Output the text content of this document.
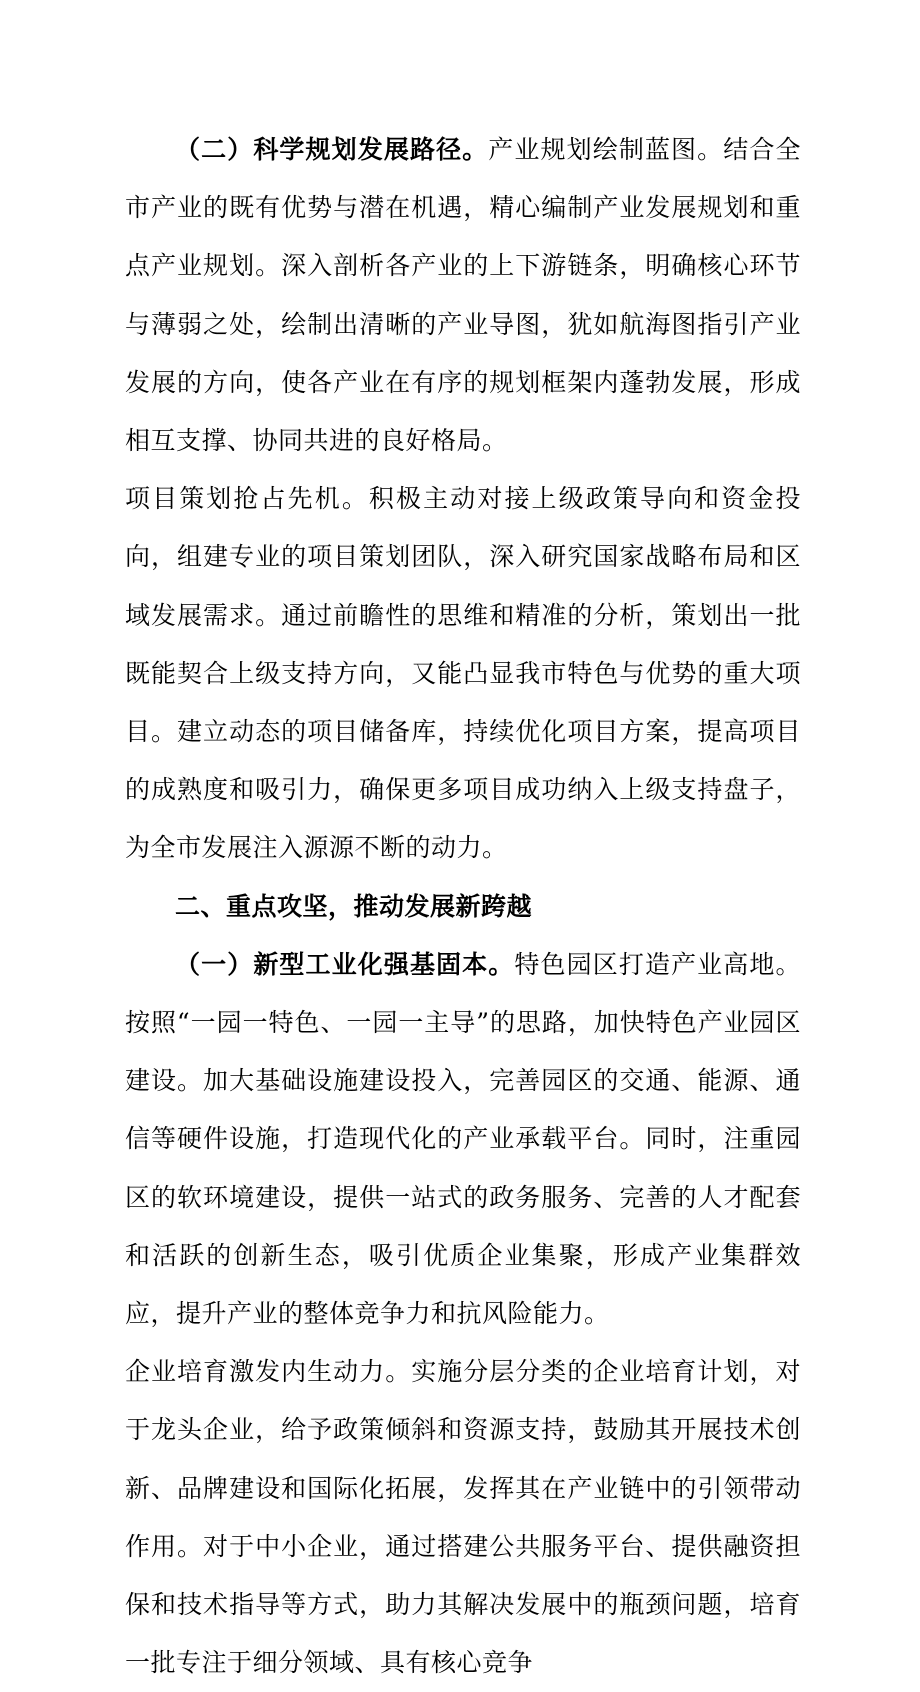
（二）科学规划发展路径。产业规划绘制蓝图。结合全市产业的既有优势与潜在机遇，精心编制产业发展规划和重点产业规划。深入剖析各产业的上下游链条，明确核心环节与薄弱之处，绘制出清晰的产业导图，犹如航海图指引产业发展的方向，使各产业在有序的规划框架内蓬勃发展，形成相互支撑、协同共进的良好格局。

项目策划抢占先机。积极主动对接上级政策导向和资金投向，组建专业的项目策划团队，深入研究国家战略布局和区域发展需求。通过前瞻性的思维和精准的分析，策划出一批既能契合上级支持方向，又能凸显我市特色与优势的重大项目。建立动态的项目储备库，持续优化项目方案，提高项目的成熟度和吸引力，确保更多项目成功纳入上级支持盘子，为全市发展注入源源不断的动力。

二、重点攻坚，推动发展新跨越

（一）新型工业化强基固本。特色园区打造产业高地。按照“一园一特色、一园一主导”的思路，加快特色产业园区建设。加大基础设施建设投入，完善园区的交通、能源、通信等硬件设施，打造现代化的产业承载平台。同时，注重园区的软环境建设，提供一站式的政务服务、完善的人才配套和活跃的创新生态，吸引优质企业集聚，形成产业集群效应，提升产业的整体竞争力和抗风险能力。

企业培育激发内生动力。实施分层分类的企业培育计划，对于龙头企业，给予政策倾斜和资源支持，鼓励其开展技术创新、品牌建设和国际化拓展，发挥其在产业链中的引领带动作用。对于中小企业，通过搭建公共服务平台、提供融资担保和技术指导等方式，助力其解决发展中的瓶颈问题，培育一批专注于细分领域、具有核心竞争
